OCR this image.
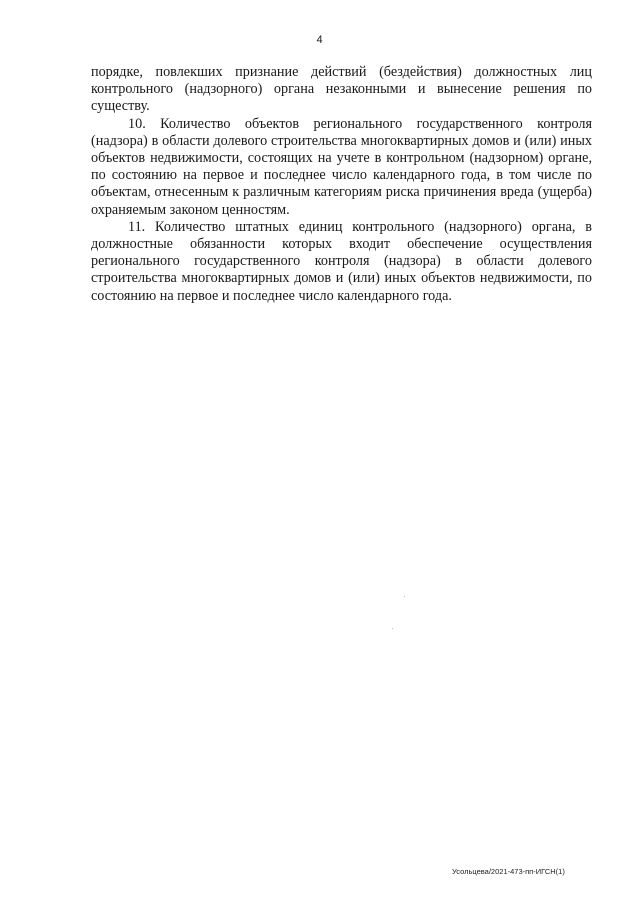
4

порядке, повлекших признание действий (бездействия) должностных лиц контрольного (надзорного) органа незаконными и вынесение решения по существу.

10. Количество объектов регионального государственного контроля (надзора) в области долевого строительства многоквартирных домов и (или) иных объектов недвижимости, состоящих на учете в контрольном (надзорном) органе, по состоянию на первое и последнее число календарного года, в том числе по объектам, отнесенным к различным категориям риска причинения вреда (ущерба) охраняемым законом ценностям.

11. Количество штатных единиц контрольного (надзорного) органа, в должностные обязанности которых входит обеспечение осуществления регионального государственного контроля (надзора) в области долевого строительства многоквартирных домов и (или) иных объектов недвижимости, по состоянию на первое и последнее число календарного года.

Усольцева/2021-473-пп-ИГСН(1)
